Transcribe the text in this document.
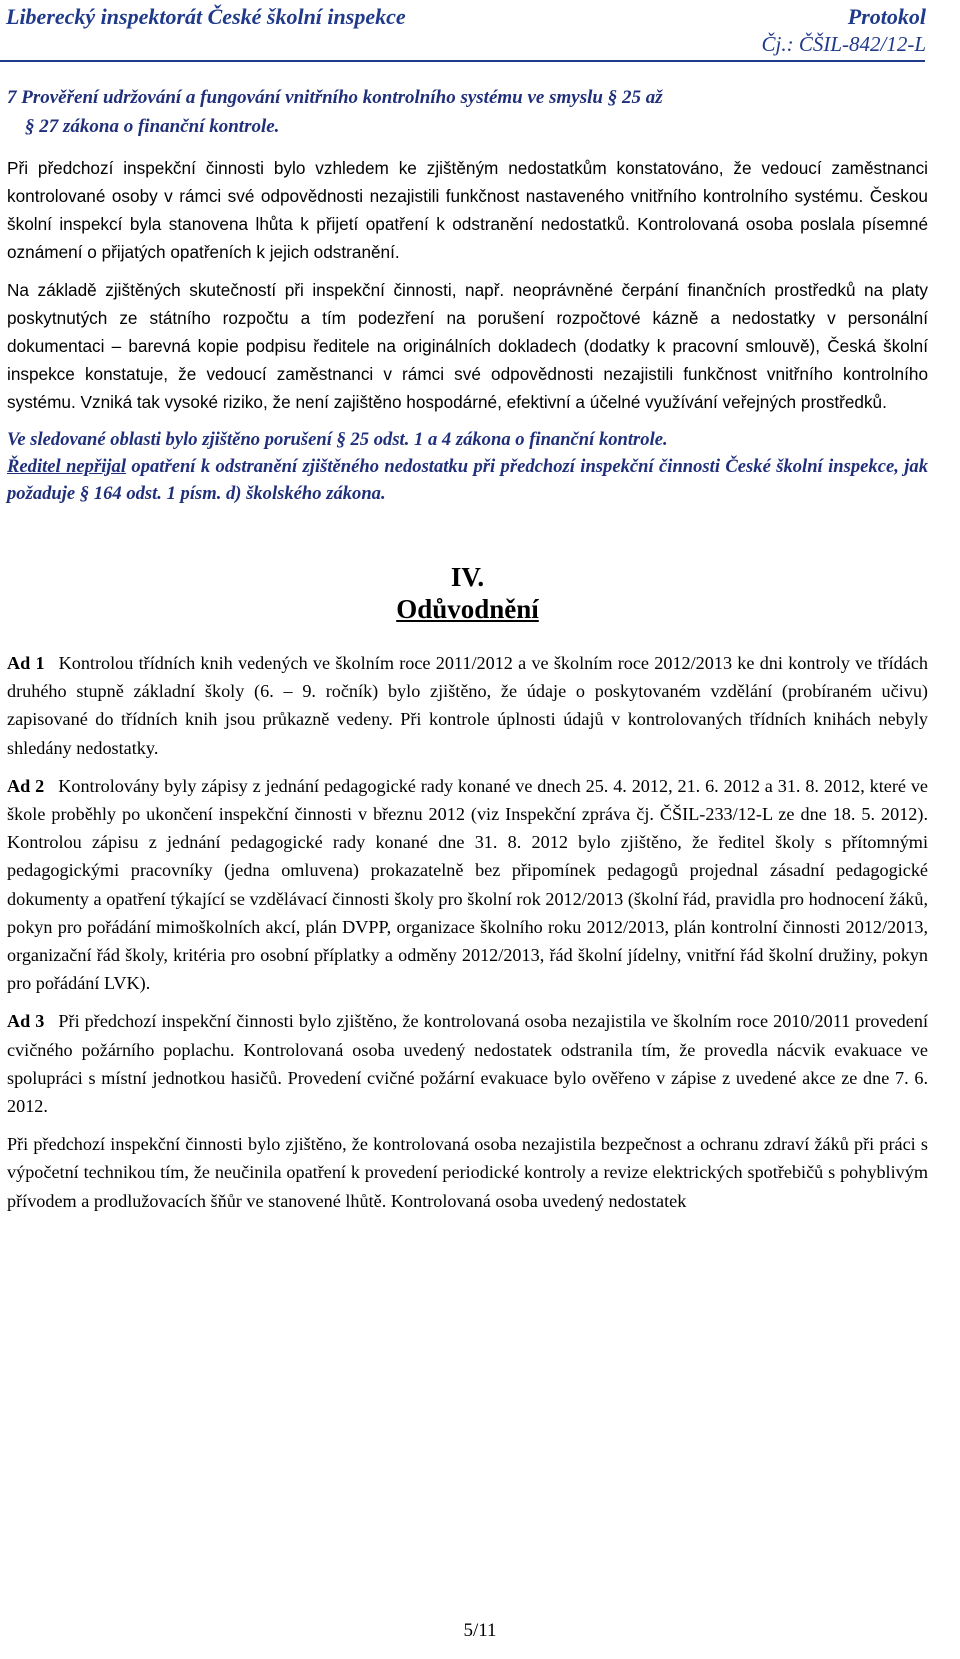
Liberecký inspektorát České školní inspekce	Protokol
Čj.: ČŠIL-842/12-L

7 Prověření udržování a fungování vnitřního kontrolního systému ve smyslu § 25 až

§ 27 zákona o finanční kontrole.

Při předchozí inspekční činnosti bylo vzhledem ke zjištěným nedostatkům konstatováno, že vedoucí zaměstnanci kontrolované osoby v rámci své odpovědnosti nezajistili funkčnost nastaveného vnitřního kontrolního systému. Českou školní inspekcí byla stanovena lhůta k přijetí opatření k odstranění nedostatků. Kontrolovaná osoba poslala písemné oznámení o přijatých opatřeních k jejich odstranění.

Na základě zjištěných skutečností při inspekční činnosti, např. neoprávněné čerpání finančních prostředků na platy poskytnutých ze státního rozpočtu a tím podezření na porušení rozpočtové kázně a nedostatky v personální dokumentaci – barevná kopie podpisu ředitele na originálních dokladech (dodatky k pracovní smlouvě), Česká školní inspekce konstatuje, že vedoucí zaměstnanci v rámci své odpovědnosti nezajistili funkčnost vnitřního kontrolního systému. Vzniká tak vysoké riziko, že není zajištěno hospodárné, efektivní a účelné využívání veřejných prostředků.

Ve sledované oblasti bylo zjištěno porušení § 25 odst. 1 a 4 zákona o finanční kontrole.

Ředitel nepřijal opatření k odstranění zjištěného nedostatku při předchozí inspekční činnosti České školní inspekce, jak požaduje § 164 odst. 1 písm. d) školského zákona.

IV.
Odůvodnění

Ad 1 Kontrolou třídních knih vedených ve školním roce 2011/2012 a ve školním roce 2012/2013 ke dni kontroly ve třídách druhého stupně základní školy (6. – 9. ročník) bylo zjištěno, že údaje o poskytovaném vzdělání (probíraném učivu) zapisované do třídních knih jsou průkazně vedeny. Při kontrole úplnosti údajů v kontrolovaných třídních knihách nebyly shledány nedostatky.

Ad 2 Kontrolovány byly zápisy z jednání pedagogické rady konané ve dnech 25. 4. 2012, 21. 6. 2012 a 31. 8. 2012, které ve škole proběhly po ukončení inspekční činnosti v březnu 2012 (viz Inspekční zpráva čj. ČŠIL-233/12-L ze dne 18. 5. 2012). Kontrolou zápisu z jednání pedagogické rady konané dne 31. 8. 2012 bylo zjištěno, že ředitel školy s přítomnými pedagogickými pracovníky (jedna omluvena) prokazatelně bez připomínek pedagogů projednal zásadní pedagogické dokumenty a opatření týkající se vzdělávací činnosti školy pro školní rok 2012/2013 (školní řád, pravidla pro hodnocení žáků, pokyn pro pořádání mimoškolních akcí, plán DVPP, organizace školního roku 2012/2013, plán kontrolní činnosti 2012/2013, organizační řád školy, kritéria pro osobní příplatky a odměny 2012/2013, řád školní jídelny, vnitřní řád školní družiny, pokyn pro pořádání LVK).

Ad 3 Při předchozí inspekční činnosti bylo zjištěno, že kontrolovaná osoba nezajistila ve školním roce 2010/2011 provedení cvičného požárního poplachu. Kontrolovaná osoba uvedený nedostatek odstranila tím, že provedla nácvik evakuace ve spolupráci s místní jednotkou hasičů. Provedení cvičné požární evakuace bylo ověřeno v zápise z uvedené akce ze dne 7. 6. 2012.

Při předchozí inspekční činnosti bylo zjištěno, že kontrolovaná osoba nezajistila bezpečnost a ochranu zdraví žáků při práci s výpočetní technikou tím, že neučinila opatření k provedení periodické kontroly a revize elektrických spotřebičů s pohyblivým přívodem a prodlužovacích šňůr ve stanovené lhůtě. Kontrolovaná osoba uvedený nedostatek

5/11
